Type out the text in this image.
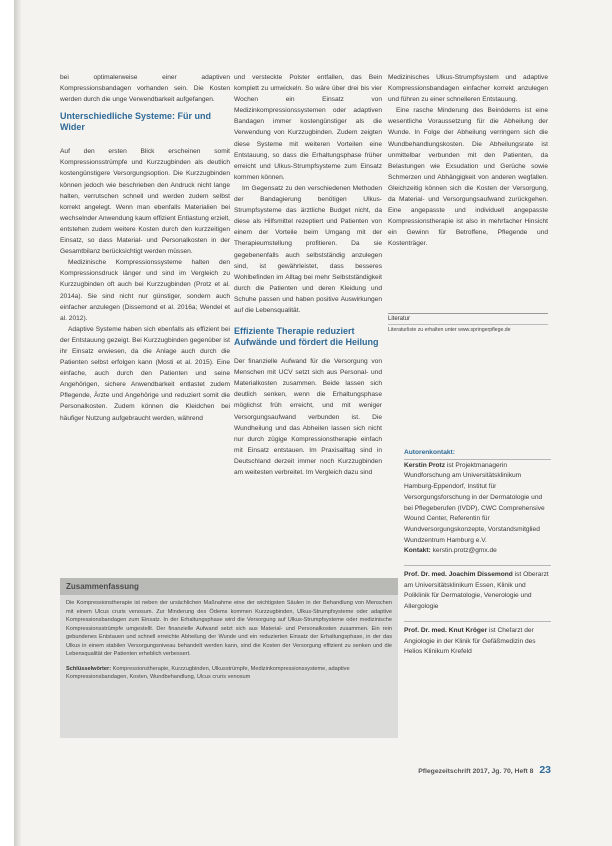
bei optimalerweise einer adaptiven Kompressionsbandagen vorhanden sein. Die Kosten werden durch die unge Verwendbarkeit aufgefangen.

Unterschiedliche Systeme: Für und Wider

Auf den ersten Blick erscheinen somit Kompressionsstrümpfe und Kurzzugbinden als deutlich kostengünstigere Versorgungsoption. Die Kurzzugbinden können jedoch wie beschrieben den Andruck nicht lange halten, verrutschen schnell und werden zudem selbst korrekt angelegt. Wenn man ebenfalls Materialien bei wechselnder Anwendung kaum effizient Entlastung erzielt, entstehen zudem weitere Kosten durch den kurzzeitigen Einsatz, so dass Material- und Personalkosten in der Gesamtbilanz berücksichtigt werden müssen.

Medizinische Kompressionssysteme halten den Kompressionsdruck länger und sind im Vergleich zu Kurzzugbinden oft auch bei Kurzzugbinden (Protz et al. 2014a). Sie sind nicht nur günstiger, sondern auch einfacher anzulegen (Dissemond et al. 2016a; Wendel et al. 2012).

Adaptive Systeme haben sich ebenfalls als effizient bei der Entstauung gezeigt. Bei Kurzzugbinden gegenüber ist ihr Einsatz erwiesen, da die Anlage auch durch die Patienten selbst erfolgen kann (Mosti et al. 2015). Eine einfache, auch durch den Patienten und seine Angehörigen, sichere Anwendbarkeit entlastet zudem Pflegende, Ärzte und Angehörige und reduziert somit die Personalkosten. Zudem können die Kleidchen bei häufiger Nutzung aufgebraucht werden, während

und versteckte Polster entfallen, das Bein komplett zu umwickeln. So wäre über drei bis vier Wochen ein Einsatz von Medizinkompressionssystemen oder adaptiven Bandagen immer kostengünstiger als die Verwendung von Kurzzugbinden. Zudem zeigten diese Systeme mit weiteren Vorteilen eine Entstauung, so dass die Erhaltungsphase früher erreicht und Ulkus-Strumpfsysteme zum Einsatz kommen können.

Im Gegensatz zu den verschiedenen Methoden der Bandagierung benötigen Ulkus-Strumpfsysteme das ärztliche Budget nicht, da diese als Hilfsmittel rezeptiert und Patienten von einem der Vorteile beim Umgang mit der Therapieumstellung profitieren. Da sie gegebenenfalls auch selbstständig anzulegen sind, ist gewährleistet, dass besseres Wohlbefinden im Alltag bei mehr Selbstständigkeit durch die Patienten und deren Kleidung und Schuhe passen und haben positive Auswirkungen auf die Lebensqualität.

Effiziente Therapie reduziert Aufwände und fördert die Heilung

Der finanzielle Aufwand für die Versorgung von Menschen mit UCV setzt sich aus Personal- und Materialkosten zusammen. Beide lassen sich deutlich senken, wenn die Erhaltungsphase möglichst früh erreicht, und mit weniger Versorgungsaufwand verbunden ist. Die Wundheilung und das Abheilen lassen sich nicht nur durch zügige Kompressionstherapie einfach mit Einsatz entstauen. Im Praxisalltag sind in Deutschland derzeit immer noch Kurzzugbinden am weitesten verbreitet. Im Vergleich dazu sind

Medizinisches Ulkus-Strumpfsystem und adaptive Kompressionsbandagen einfacher korrekt anzulegen und führen zu einer schnelleren Entstauung.

Eine rasche Minderung des Beinödems ist eine wesentliche Voraussetzung für die Abheilung der Wunde. In Folge der Abheilung verringern sich die Wundbehandlungskosten. Die Abheilungsrate ist unmittelbar verbunden mit den Patienten, da Belastungen wie Exsudation und Gerüche sowie Schmerzen und Abhängigkeit von anderen wegfallen. Gleichzeitig können sich die Kosten der Versorgung, da Material- und Versorgungsaufwand zurückgehen. Eine angepasste und individuell angepasste Kompressionstherapie ist also in mehrfacher Hinsicht ein Gewinn für Betroffene, Pflegende und Kostenträger.

Literatur
Literaturliste zu erhalten unter www.springerpflege.de
Zusammenfassung
Die Kompressionstherapie ist neben der ursächlichen Maßnahme eine der wichtigsten Säulen in der Behandlung von Menschen mit einem Ulcus cruris venosum. Zur Minderung des Ödems kommen Kurzzugbinden, Ulkus-Strumpfsysteme oder adaptive Kompressionsbandagen zum Einsatz. In der Erhaltungsphase wird die Versorgung auf Ulkus-Strumpfsysteme oder medizinische Kompressionsstrümpfe umgestellt. Der finanzielle Aufwand setzt sich aus Material- und Personalkosten zusammen. Ein rein gebundenes Entstauen und schnell erreichte Abheilung der Wunde und ein reduzierten Einsatz der Erhaltungsphase, in der das Ulkus in einem stabilen Versorgungsniveau behandelt werden kann, sind die Kosten der Versorgung effizient zu senken und die Lebensqualität der Patienten erheblich verbessert.
Schlüsselwörter: Kompressionstherapie, Kurzzugbinden, Ulkusstrümpfe, Medizinkompressionssysteme, adaptive Kompressionsbandagen, Kosten, Wundbehandlung, Ulcus cruris venosum
Autorenkontakt:
Kerstin Protz ist Projektmanagerin Wundforschung am Universitätsklinikum Hamburg-Eppendorf, Institut für Versorgungsforschung in der Dermatologie und bei Pflegeberufen (IVDP), CWC Comprehensive Wound Center, Referentin für Wundversorgungskonzepte, Vorstandsmitglied Wundzentrum Hamburg e.V.
Kontakt: kerstin.protz@gmx.de
Prof. Dr. med. Joachim Dissemond ist Oberarzt am Universitätsklinikum Essen, Klinik und Poliklinik für Dermatologie, Venerologie und Allergologie
Prof. Dr. med. Knut Kröger ist Chefarzt der Angiologie in der Klinik für Gefäßmedizin des Helios Klinikum Krefeld
Pflegezeitschrift 2017, Jg. 70, Heft 8 23
